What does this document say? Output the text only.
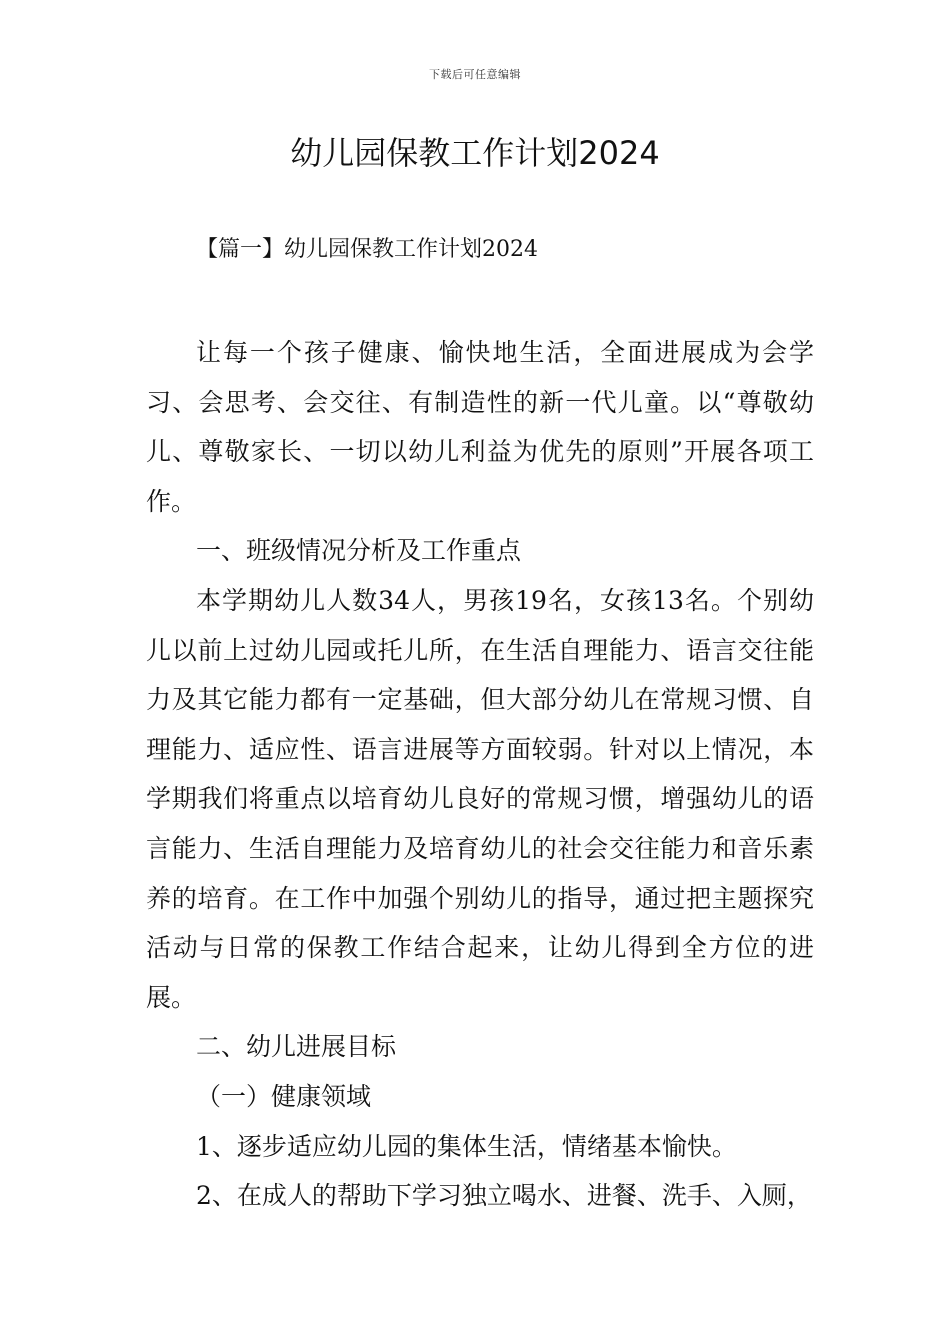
下载后可任意编辑
幼儿园保教工作计划2024
【篇一】幼儿园保教工作计划2024

让每一个孩子健康、愉快地生活，全面进展成为会学习、会思考、会交往、有制造性的新一代儿童。以“尊敬幼儿、尊敬家长、一切以幼儿利益为优先的原则”开展各项工作。

一、班级情况分析及工作重点

本学期幼儿人数34人，男孩19名，女孩13名。个别幼儿以前上过幼儿园或托儿所，在生活自理能力、语言交往能力及其它能力都有一定基础，但大部分幼儿在常规习惯、自理能力、适应性、语言进展等方面较弱。针对以上情况，本学期我们将重点以培育幼儿良好的常规习惯，增强幼儿的语言能力、生活自理能力及培育幼儿的社会交往能力和音乐素养的培育。在工作中加强个别幼儿的指导，通过把主题探究活动与日常的保教工作结合起来，让幼儿得到全方位的进展。

二、幼儿进展目标

（一）健康领域

1、逐步适应幼儿园的集体生活，情绪基本愉快。

2、在成人的帮助下学习独立喝水、进餐、洗手、入厕，
